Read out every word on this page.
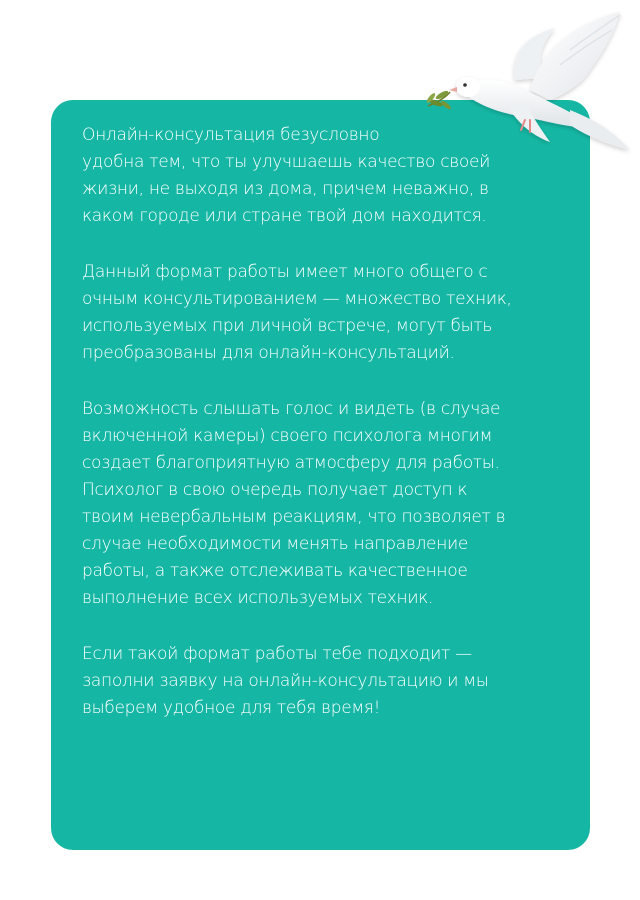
Онлайн-консультация безусловно
удобна тем, что ты улучшаешь качество своей
жизни, не выходя из дома, причем неважно, в
каком городе или стране твой дом находится.

Данный формат работы имеет много общего с
очным консультированием — множество техник,
используемых при личной встрече, могут быть
преобразованы для онлайн-консультаций.

Возможность слышать голос и видеть (в случае
включенной камеры) своего психолога многим
создает благоприятную атмосферу для работы.
Психолог в свою очередь получает доступ к
твоим невербальным реакциям, что позволяет в
случае необходимости менять направление
работы, а также отслеживать качественное
выполнение всех используемых техник.

Если такой формат работы тебе подходит —
заполни заявку на онлайн-консультацию и мы
выберем удобное для тебя время!
